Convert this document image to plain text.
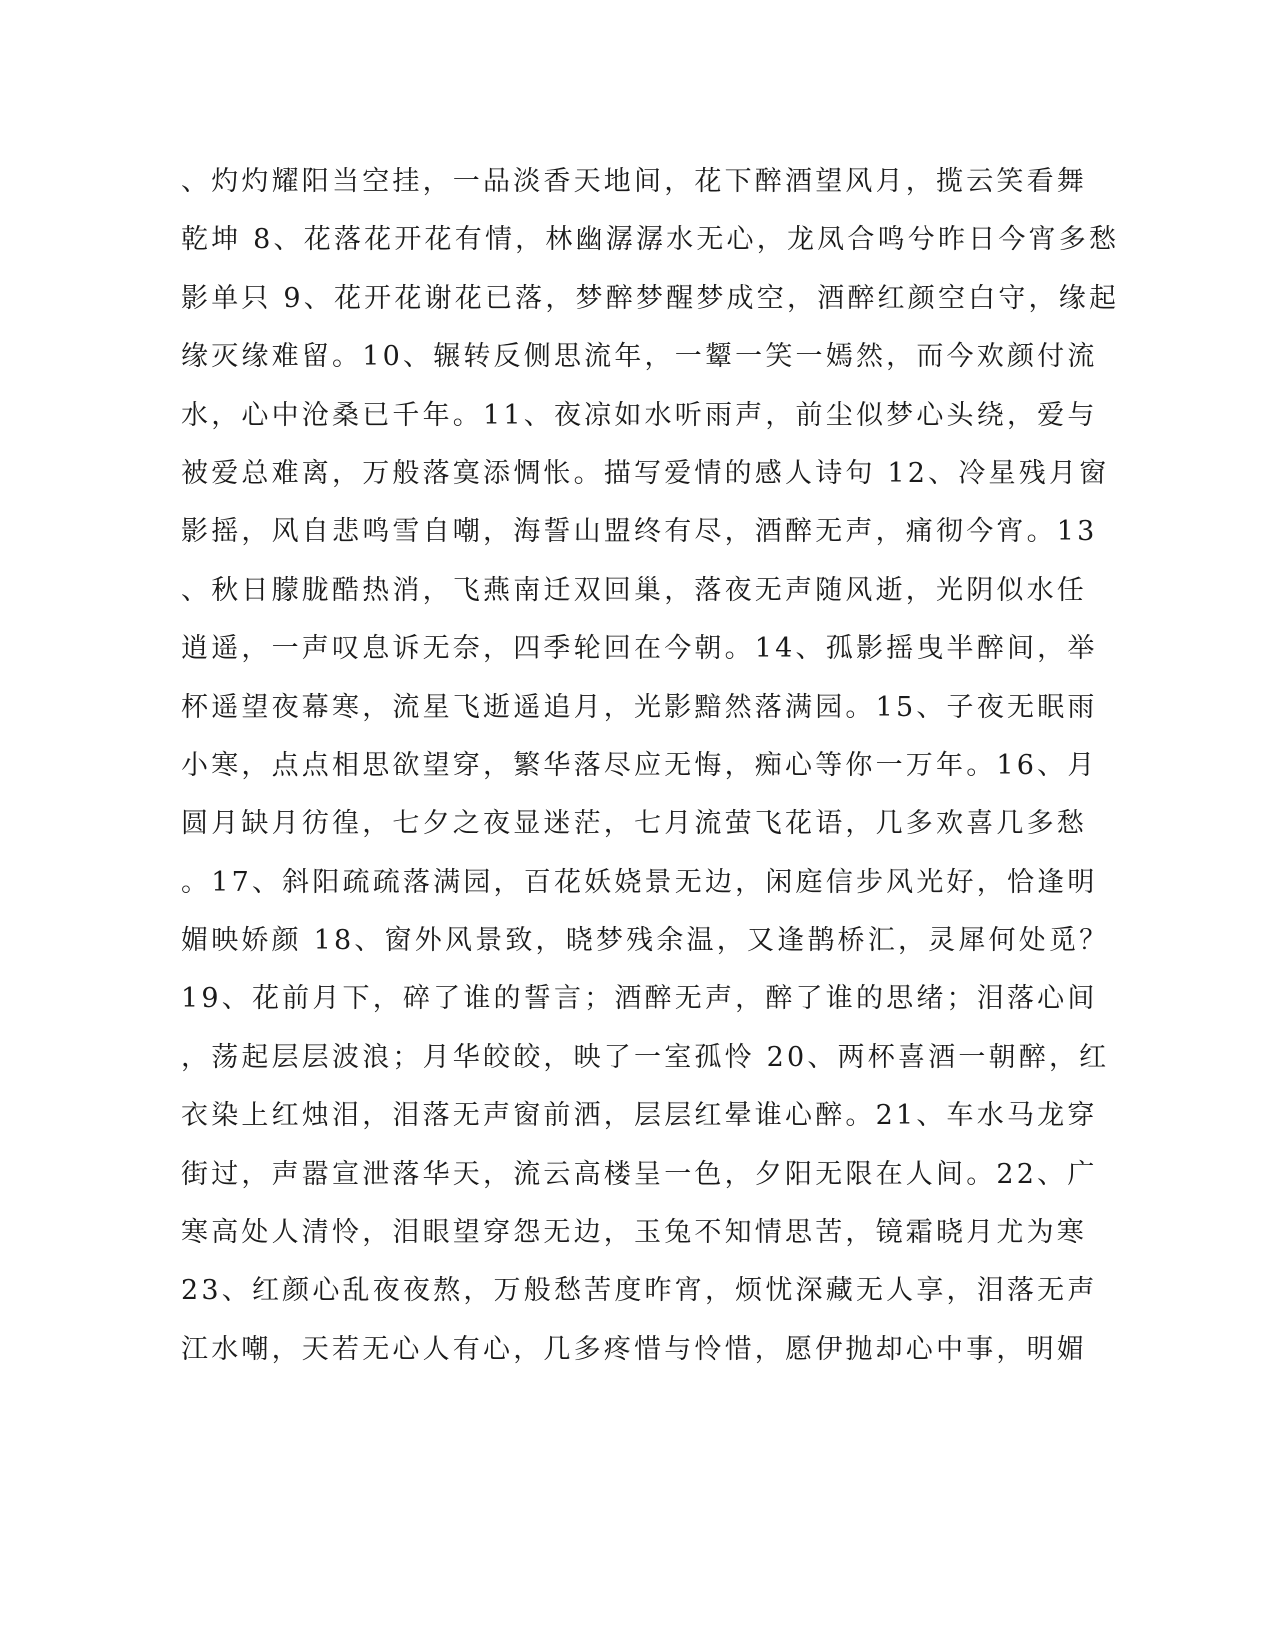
、灼灼耀阳当空挂，一品淡香天地间，花下醉酒望风月，揽云笑看舞
乾坤 8、花落花开花有情，林幽潺潺水无心，龙凤合鸣兮昨日今宵多愁
影单只 9、花开花谢花已落，梦醉梦醒梦成空，酒醉红颜空白守，缘起
缘灭缘难留。10、辗转反侧思流年，一颦一笑一嫣然，而今欢颜付流
水，心中沧桑已千年。11、夜凉如水听雨声，前尘似梦心头绕，爱与
被爱总难离，万般落寞添惆怅。描写爱情的感人诗句 12、冷星残月窗
影摇，风自悲鸣雪自嘲，海誓山盟终有尽，酒醉无声，痛彻今宵。13
、秋日朦胧酷热消，飞燕南迁双回巢，落夜无声随风逝，光阴似水任
逍遥，一声叹息诉无奈，四季轮回在今朝。14、孤影摇曳半醉间，举
杯遥望夜幕寒，流星飞逝遥追月，光影黯然落满园。15、子夜无眠雨
小寒，点点相思欲望穿，繁华落尽应无悔，痴心等你一万年。16、月
圆月缺月彷徨，七夕之夜显迷茫，七月流萤飞花语，几多欢喜几多愁
。17、斜阳疏疏落满园，百花妖娆景无边，闲庭信步风光好，恰逢明
媚映娇颜 18、窗外风景致，晓梦残余温，又逢鹊桥汇，灵犀何处觅？
19、花前月下，碎了谁的誓言；酒醉无声，醉了谁的思绪；泪落心间
，荡起层层波浪；月华皎皎，映了一室孤怜 20、两杯喜酒一朝醉，红
衣染上红烛泪，泪落无声窗前洒，层层红晕谁心醉。21、车水马龙穿
街过，声嚣宣泄落华天，流云高楼呈一色，夕阳无限在人间。22、广
寒高处人清怜，泪眼望穿怨无边，玉兔不知情思苦，镜霜晓月尤为寒
23、红颜心乱夜夜熬，万般愁苦度昨宵，烦忧深藏无人享，泪落无声
江水嘲，天若无心人有心，几多疼惜与怜惜，愿伊抛却心中事，明媚
